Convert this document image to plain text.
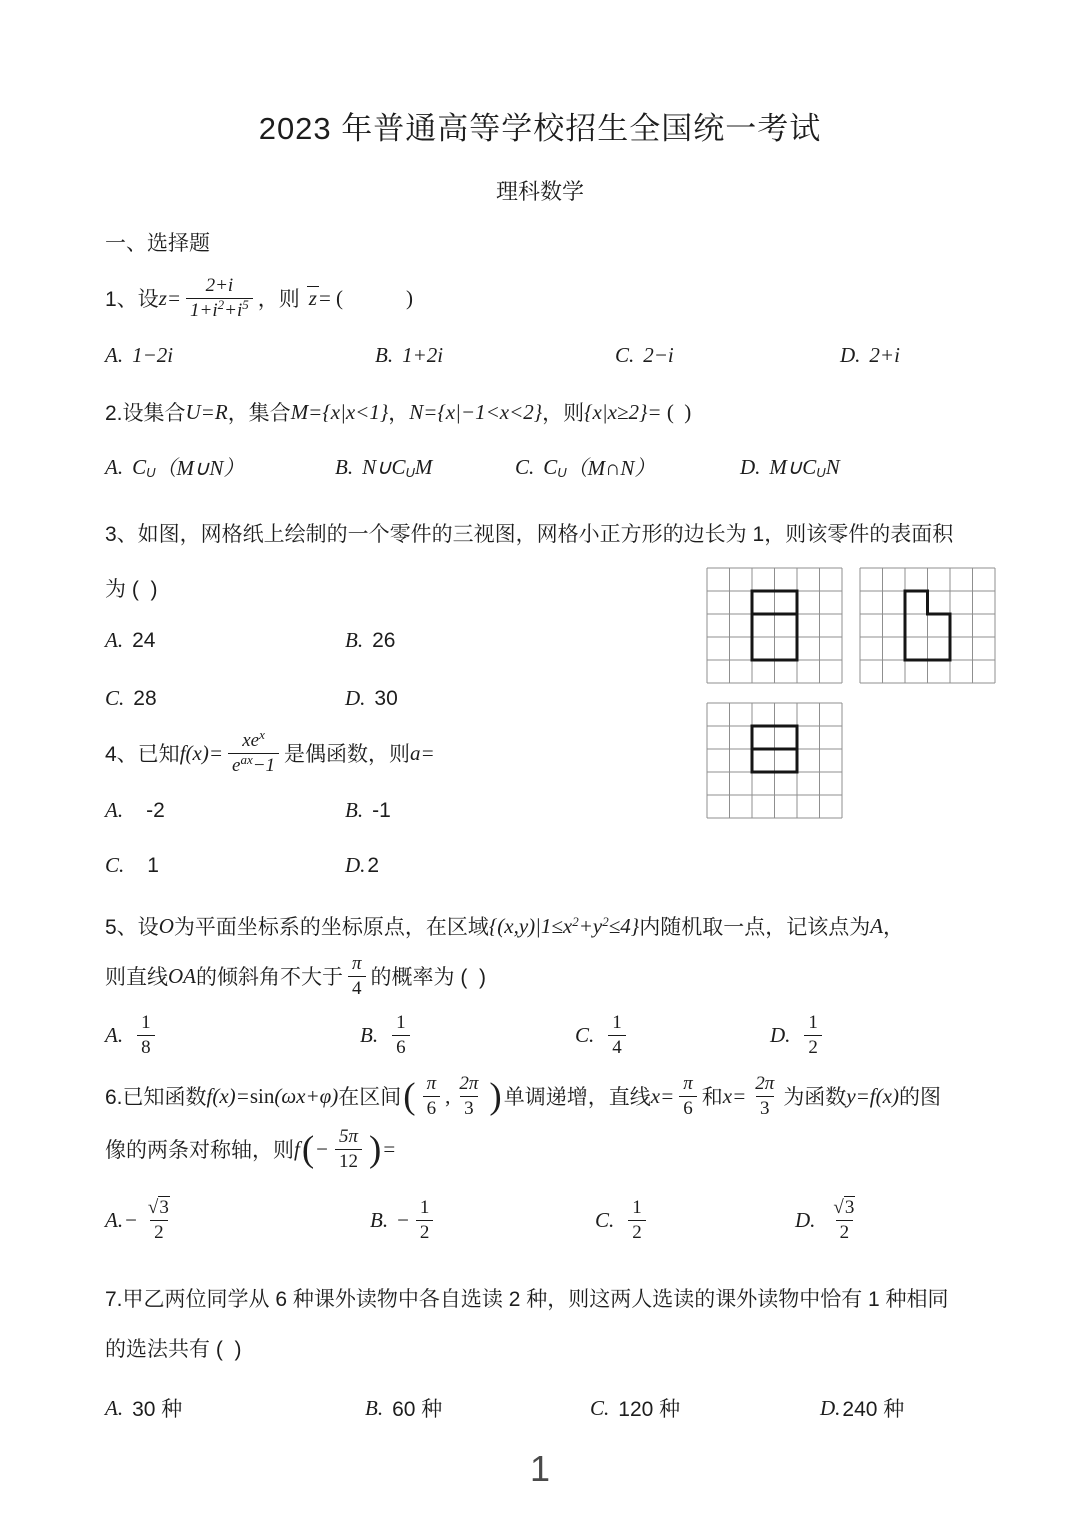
2023 年普通高等学校招生全国统一考试
理科数学
一、选择题
1、设 $z= \frac{2+i}{1+i^2+i^5}$ ，则 z = (            )
A. 1−2i	B. 1+2i	C. 2−i	D. 2+i
2.设集合 U=R ，集合 M={x|x<1} ， N={x|−1<x<2} ，则 {x|x≥2}= (  )
A. C U （M∪N）	B. N∪C U M	C. C U （M∩N）	D. M∪C U N
3、如图，网格纸上绘制的一个零件的三视图，网格小正方形的边长为 1，则该零件的表面积
为 (  )
A. 24	B. 26
C. 28	D. 30
4、已知 $f(x)= \frac{xe^x}{e^{ax}-1}$ 是偶函数，则 a=
A. -2	B. -1
C. 1	D. 2
5、设 O 为平面坐标系的坐标原点，在区域 $\{(x,y)|1\le x^2+y^2\le 4\}$ 内随机取一点，记该点为 A ，
则直线 OA 的倾斜角不大于 $\frac{\pi}{4}$ 的概率为 (  )
A. $\frac{1}{8}$	B. $\frac{1}{6}$	C. $\frac{1}{4}$	D. $\frac{1}{2}$
6.已知函数 f(x)= sin (ωx+φ) 在区间 ( $\frac{\pi}{6}$ , $\frac{2\pi}{3}$ ) 单调递增，直线 $x= \frac{\pi}{6}$ 和 $x= \frac{2\pi}{3}$ 为函数 y=f(x) 的图
像的两条对称轴，则 f ( − $\frac{5\pi}{12}$ ) =
A. − $\frac{√3}{2}$	B. − $\frac{1}{2}$	C. $\frac{1}{2}$	D. $\frac{√3}{2}$
7.甲乙两位同学从 6 种课外读物中各自选读 2 种，则这两人选读的课外读物中恰有 1 种相同
的选法共有 (  )
A. 30 种	B. 60 种	C. 120 种	D. 240 种
1
